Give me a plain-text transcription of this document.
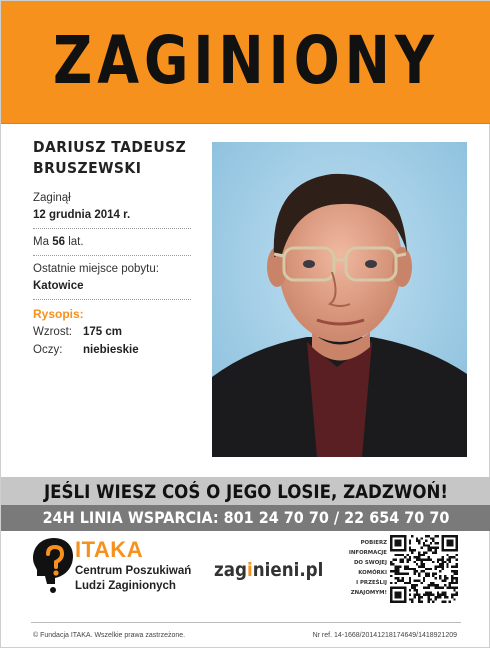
ZAGINIONY
DARIUSZ TADEUSZ
BRUSZEWSKI
Zaginął
12 grudnia 2014 r.
Ma 56 lat.
Ostatnie miejsce pobytu:
Katowice
Rysopis:
Wzrost: 175 cm
Oczy:	niebieskie
JEŚLI WIESZ COŚ O JEGO LOSIE, ZADZWOŃ!
24H LINIA WSPARCIA: 801 24 70 70 / 22 654 70 70
ITAKA
Centrum Poszukiwań
Ludzi Zaginionych
zaginieni.pl
POBIERZ
INFORMACJE
DO SWOJEJ
KOMÓRKI
I PRZEŚLIJ
ZNAJOMYM!
© Fundacja ITAKA. Wszelkie prawa zastrzeżone.	Nr ref. 14-1668/20141218174649/1418921209
